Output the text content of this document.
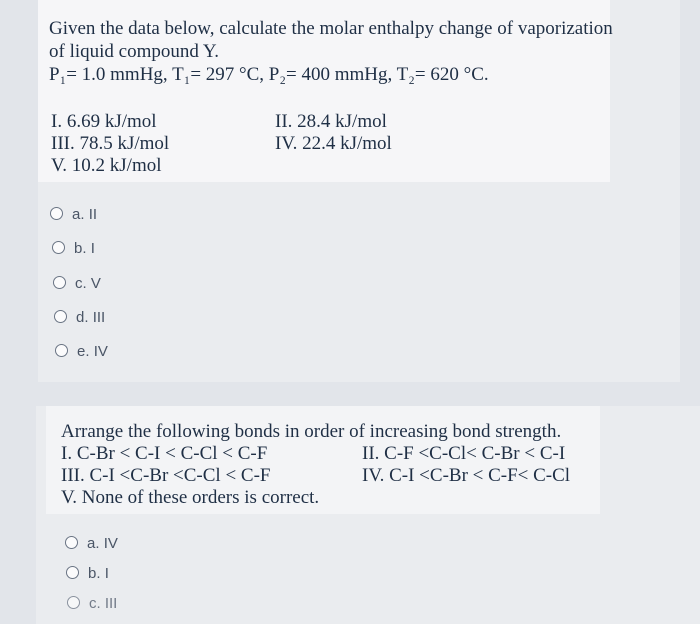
Given the data below, calculate the molar enthalpy change of vaporization
of liquid compound Y.
P₁= 1.0 mmHg, T₁= 297 °C, P₂= 400 mmHg, T₂= 620 °C.
I. 6.69 kJ/mol	II. 28.4 kJ/mol
III. 78.5 kJ/mol	IV. 22.4 kJ/mol
V. 10.2 kJ/mol
a. II
b. I
c. V
d. III
e. IV
Arrange the following bonds in order of increasing bond strength.
I. C-Br < C-I < C-Cl < C-F	II. C-F <C-Cl< C-Br < C-I
III. C-I <C-Br <C-Cl < C-F	IV. C-I <C-Br < C-F< C-Cl
V. None of these orders is correct.
a. IV
b. I
c. III
